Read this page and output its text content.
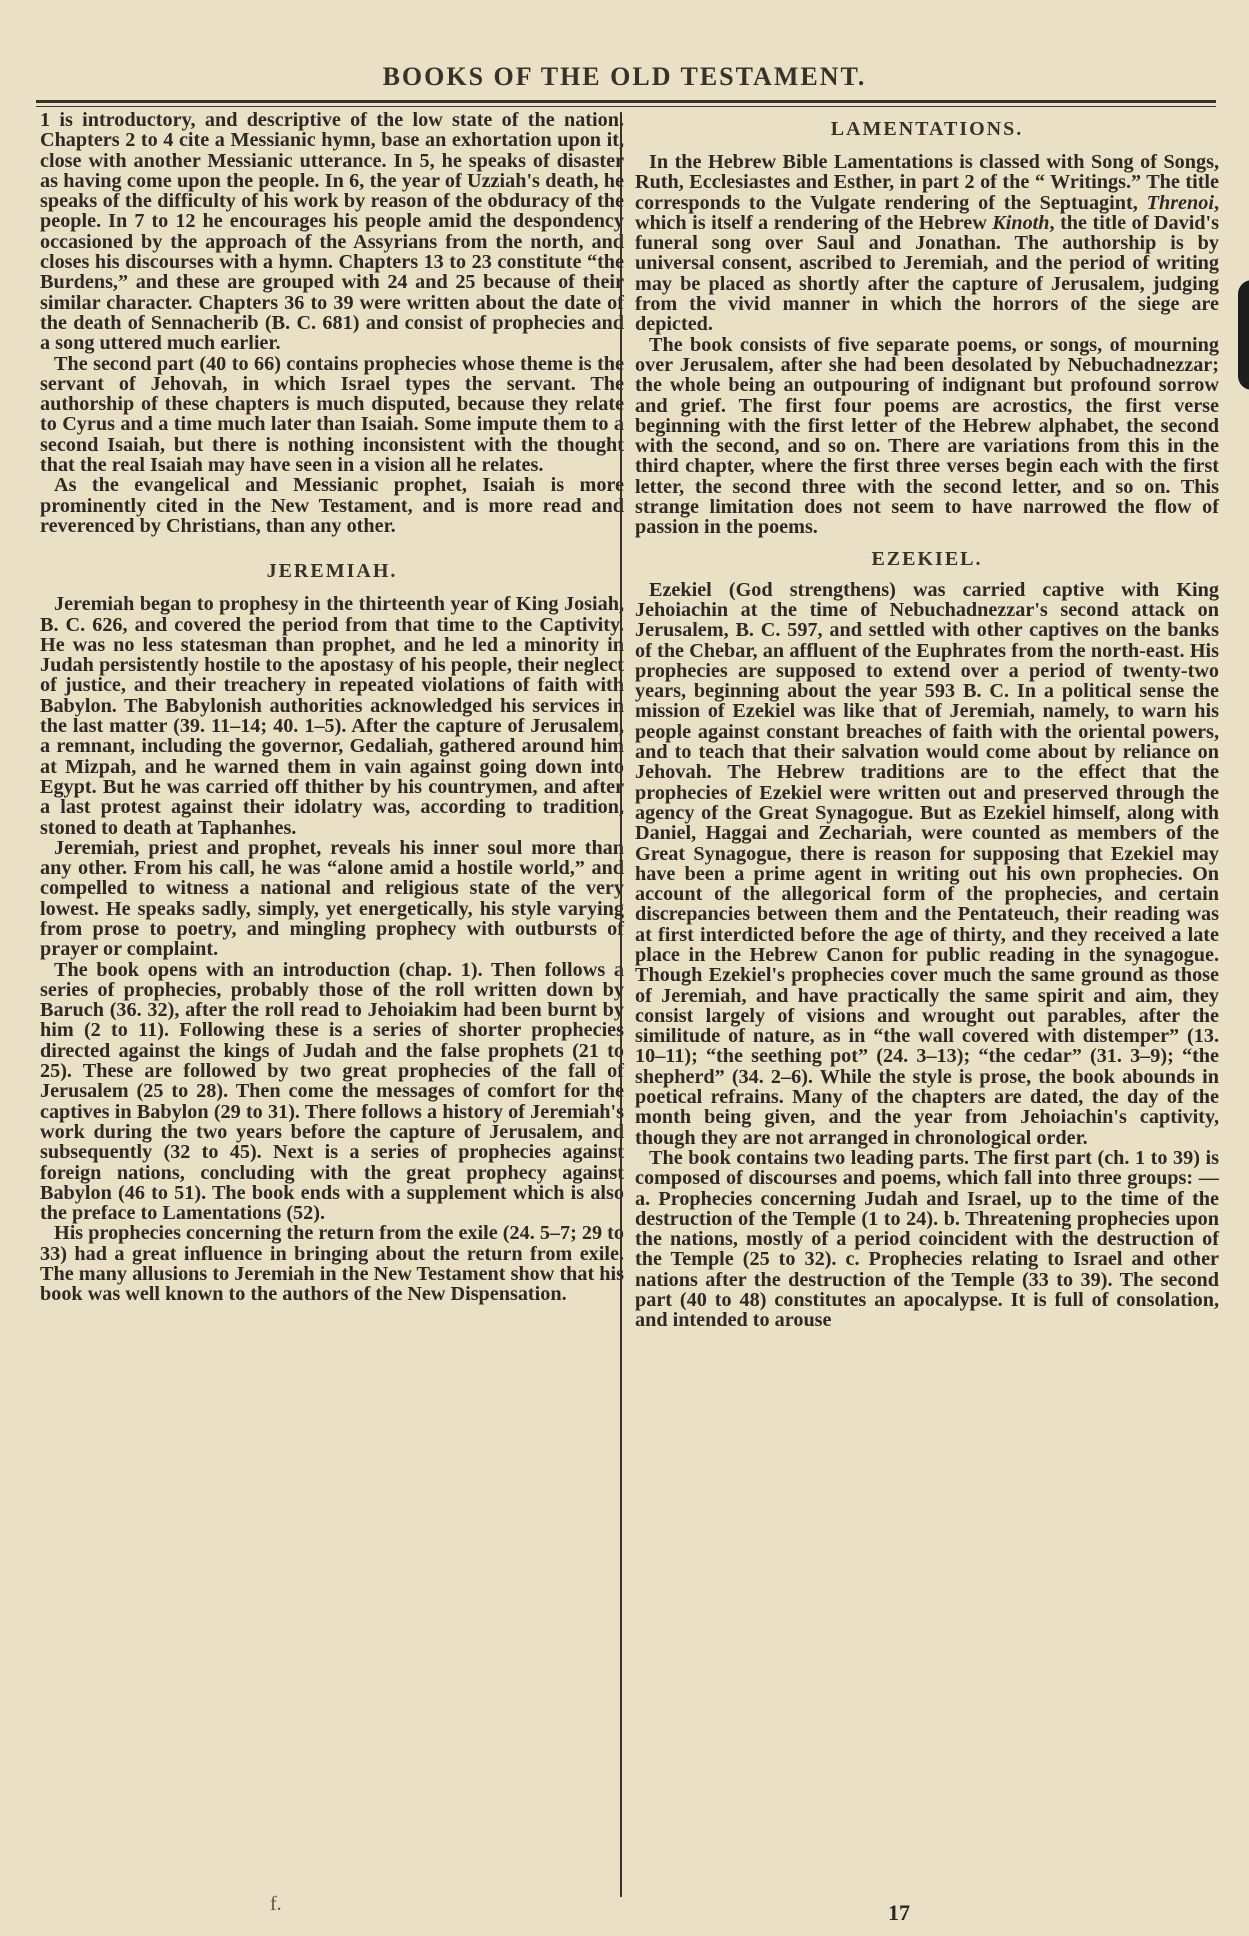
BOOKS OF THE OLD TESTAMENT.

1 is introductory, and descriptive of the low state of the nation. Chapters 2 to 4 cite a Messianic hymn, base an exhortation upon it, close with another Messianic utterance. In 5, he speaks of disaster as having come upon the people. In 6, the year of Uzziah's death, he speaks of the difficulty of his work by reason of the obduracy of the people. In 7 to 12 he encourages his people amid the despondency occasioned by the approach of the Assyrians from the north, and closes his discourses with a hymn. Chapters 13 to 23 constitute “the Burdens,” and these are grouped with 24 and 25 because of their similar character. Chapters 36 to 39 were written about the date of the death of Sennacherib (B. C. 681) and consist of prophecies and a song uttered much earlier.

The second part (40 to 66) contains prophecies whose theme is the servant of Jehovah, in which Israel types the servant. The authorship of these chapters is much disputed, because they relate to Cyrus and a time much later than Isaiah. Some impute them to a second Isaiah, but there is nothing inconsistent with the thought that the real Isaiah may have seen in a vision all he relates.

As the evangelical and Messianic prophet, Isaiah is more prominently cited in the New Testament, and is more read and reverenced by Christians, than any other.

JEREMIAH.

Jeremiah began to prophesy in the thirteenth year of King Josiah, B. C. 626, and covered the period from that time to the Captivity. He was no less statesman than prophet, and he led a minority in Judah persistently hostile to the apostasy of his people, their neglect of justice, and their treachery in repeated violations of faith with Babylon. The Babylonish authorities acknowledged his services in the last matter (39. 11–14; 40. 1–5). After the capture of Jerusalem, a remnant, including the governor, Gedaliah, gathered around him at Mizpah, and he warned them in vain against going down into Egypt. But he was carried off thither by his countrymen, and after a last protest against their idolatry was, according to tradition, stoned to death at Taphanhes.

Jeremiah, priest and prophet, reveals his inner soul more than any other. From his call, he was “alone amid a hostile world,” and compelled to witness a national and religious state of the very lowest. He speaks sadly, simply, yet energetically, his style varying from prose to poetry, and mingling prophecy with outbursts of prayer or complaint.

The book opens with an introduction (chap. 1). Then follows a series of prophecies, probably those of the roll written down by Baruch (36. 32), after the roll read to Jehoiakim had been burnt by him (2 to 11). Following these is a series of shorter prophecies directed against the kings of Judah and the false prophets (21 to 25). These are followed by two great prophecies of the fall of Jerusalem (25 to 28). Then come the messages of comfort for the captives in Babylon (29 to 31). There follows a history of Jeremiah's work during the two years before the capture of Jerusalem, and subsequently (32 to 45). Next is a series of prophecies against foreign nations, concluding with the great prophecy against Babylon (46 to 51). The book ends with a supplement which is also the preface to Lamentations (52).

His prophecies concerning the return from the exile (24. 5–7; 29 to 33) had a great influence in bringing about the return from exile. The many allusions to Jeremiah in the New Testament show that his book was well known to the authors of the New Dispensation.

LAMENTATIONS.

In the Hebrew Bible Lamentations is classed with Song of Songs, Ruth, Ecclesiastes and Esther, in part 2 of the “ Writings.” The title corresponds to the Vulgate rendering of the Septuagint, Threnoi, which is itself a rendering of the Hebrew Kinoth, the title of David's funeral song over Saul and Jonathan. The authorship is by universal consent, ascribed to Jeremiah, and the period of writing may be placed as shortly after the capture of Jerusalem, judging from the vivid manner in which the horrors of the siege are depicted.

The book consists of five separate poems, or songs, of mourning over Jerusalem, after she had been desolated by Nebuchadnezzar; the whole being an outpouring of indignant but profound sorrow and grief. The first four poems are acrostics, the first verse beginning with the first letter of the Hebrew alphabet, the second with the second, and so on. There are variations from this in the third chapter, where the first three verses begin each with the first letter, the second three with the second letter, and so on. This strange limitation does not seem to have narrowed the flow of passion in the poems.

EZEKIEL.

Ezekiel (God strengthens) was carried captive with King Jehoiachin at the time of Nebuchadnezzar's second attack on Jerusalem, B. C. 597, and settled with other captives on the banks of the Chebar, an affluent of the Euphrates from the north-east. His prophecies are supposed to extend over a period of twenty-two years, beginning about the year 593 B. C. In a political sense the mission of Ezekiel was like that of Jeremiah, namely, to warn his people against constant breaches of faith with the oriental powers, and to teach that their salvation would come about by reliance on Jehovah. The Hebrew traditions are to the effect that the prophecies of Ezekiel were written out and preserved through the agency of the Great Synagogue. But as Ezekiel himself, along with Daniel, Haggai and Zechariah, were counted as members of the Great Synagogue, there is reason for supposing that Ezekiel may have been a prime agent in writing out his own prophecies. On account of the allegorical form of the prophecies, and certain discrepancies between them and the Pentateuch, their reading was at first interdicted before the age of thirty, and they received a late place in the Hebrew Canon for public reading in the synagogue. Though Ezekiel's prophecies cover much the same ground as those of Jeremiah, and have practically the same spirit and aim, they consist largely of visions and wrought out parables, after the similitude of nature, as in “the wall covered with distemper” (13. 10–11); “the seething pot” (24. 3–13); “the cedar” (31. 3–9); “the shepherd” (34. 2–6). While the style is prose, the book abounds in poetical refrains. Many of the chapters are dated, the day of the month being given, and the year from Jehoiachin's captivity, though they are not arranged in chronological order.

The book contains two leading parts. The first part (ch. 1 to 39) is composed of discourses and poems, which fall into three groups: — a. Prophecies concerning Judah and Israel, up to the time of the destruction of the Temple (1 to 24). b. Threatening prophecies upon the nations, mostly of a period coincident with the destruction of the Temple (25 to 32). c. Prophecies relating to Israel and other nations after the destruction of the Temple (33 to 39). The second part (40 to 48) constitutes an apocalypse. It is full of consolation, and intended to arouse

f.	17
